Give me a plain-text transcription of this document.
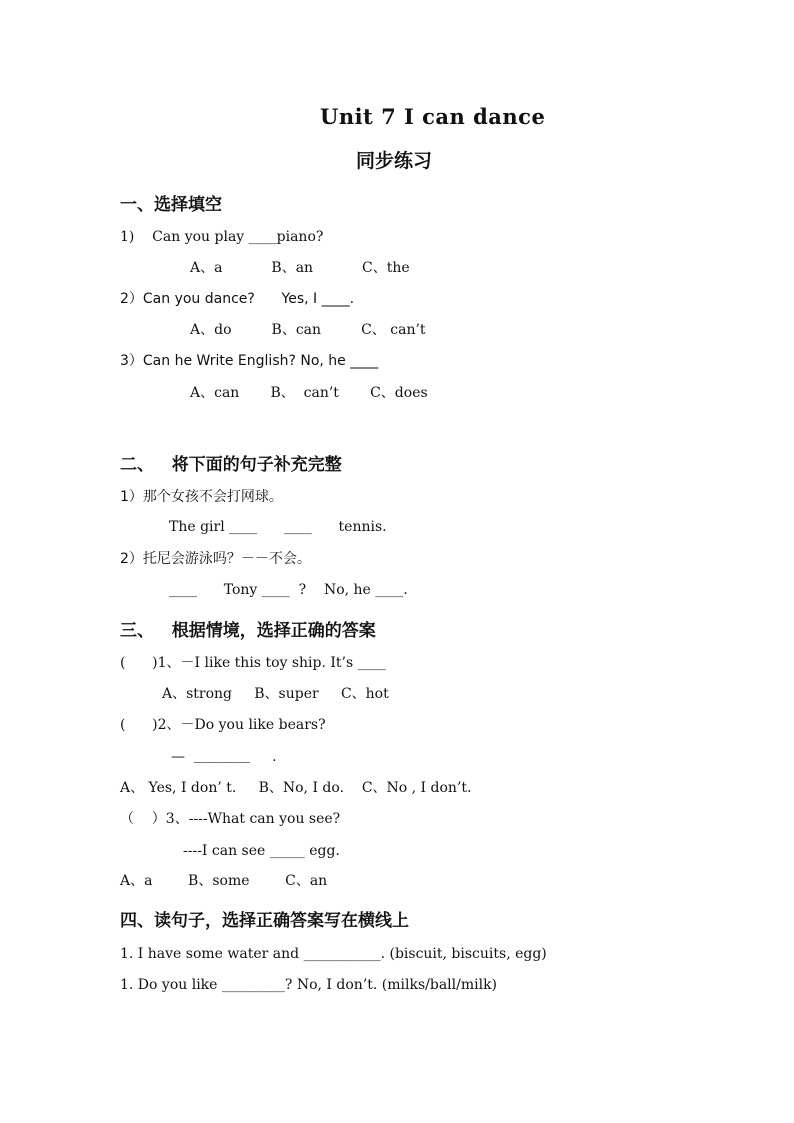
Unit 7 I can dance
同步练习
一、选择填空
1)    Can you play ____piano?
A、a           B、an           C、the
2）Can you dance?      Yes, I ____.
A、do         B、can         C、 can’t
3）Can he Write English? No, he ____
A、can       B、  can’t       C、does
二、   将下面的句子补充完整
1）那个女孩不会打网球。
The girl ____      ____      tennis.
2）托尼会游泳吗？－－不会。
____      Tony ____  ?    No, he ____.
三、   根据情境，选择正确的答案
(      )1、－I like this toy ship. It’s ____
A、strong     B、super     C、hot
(      )2、－Do you like bears?
—  ＿＿＿＿     .
A、 Yes, I don’ t.     B、No, I do.    C、No , I don’t.
（    ）3、----What can you see?
----I can see _____ egg.
A、a        B、some        C、an
四、读句子，选择正确答案写在横线上
1. I have some water and ___________. (biscuit, biscuits, egg)
1. Do you like _________? No, I don’t. (milks/ball/milk)
